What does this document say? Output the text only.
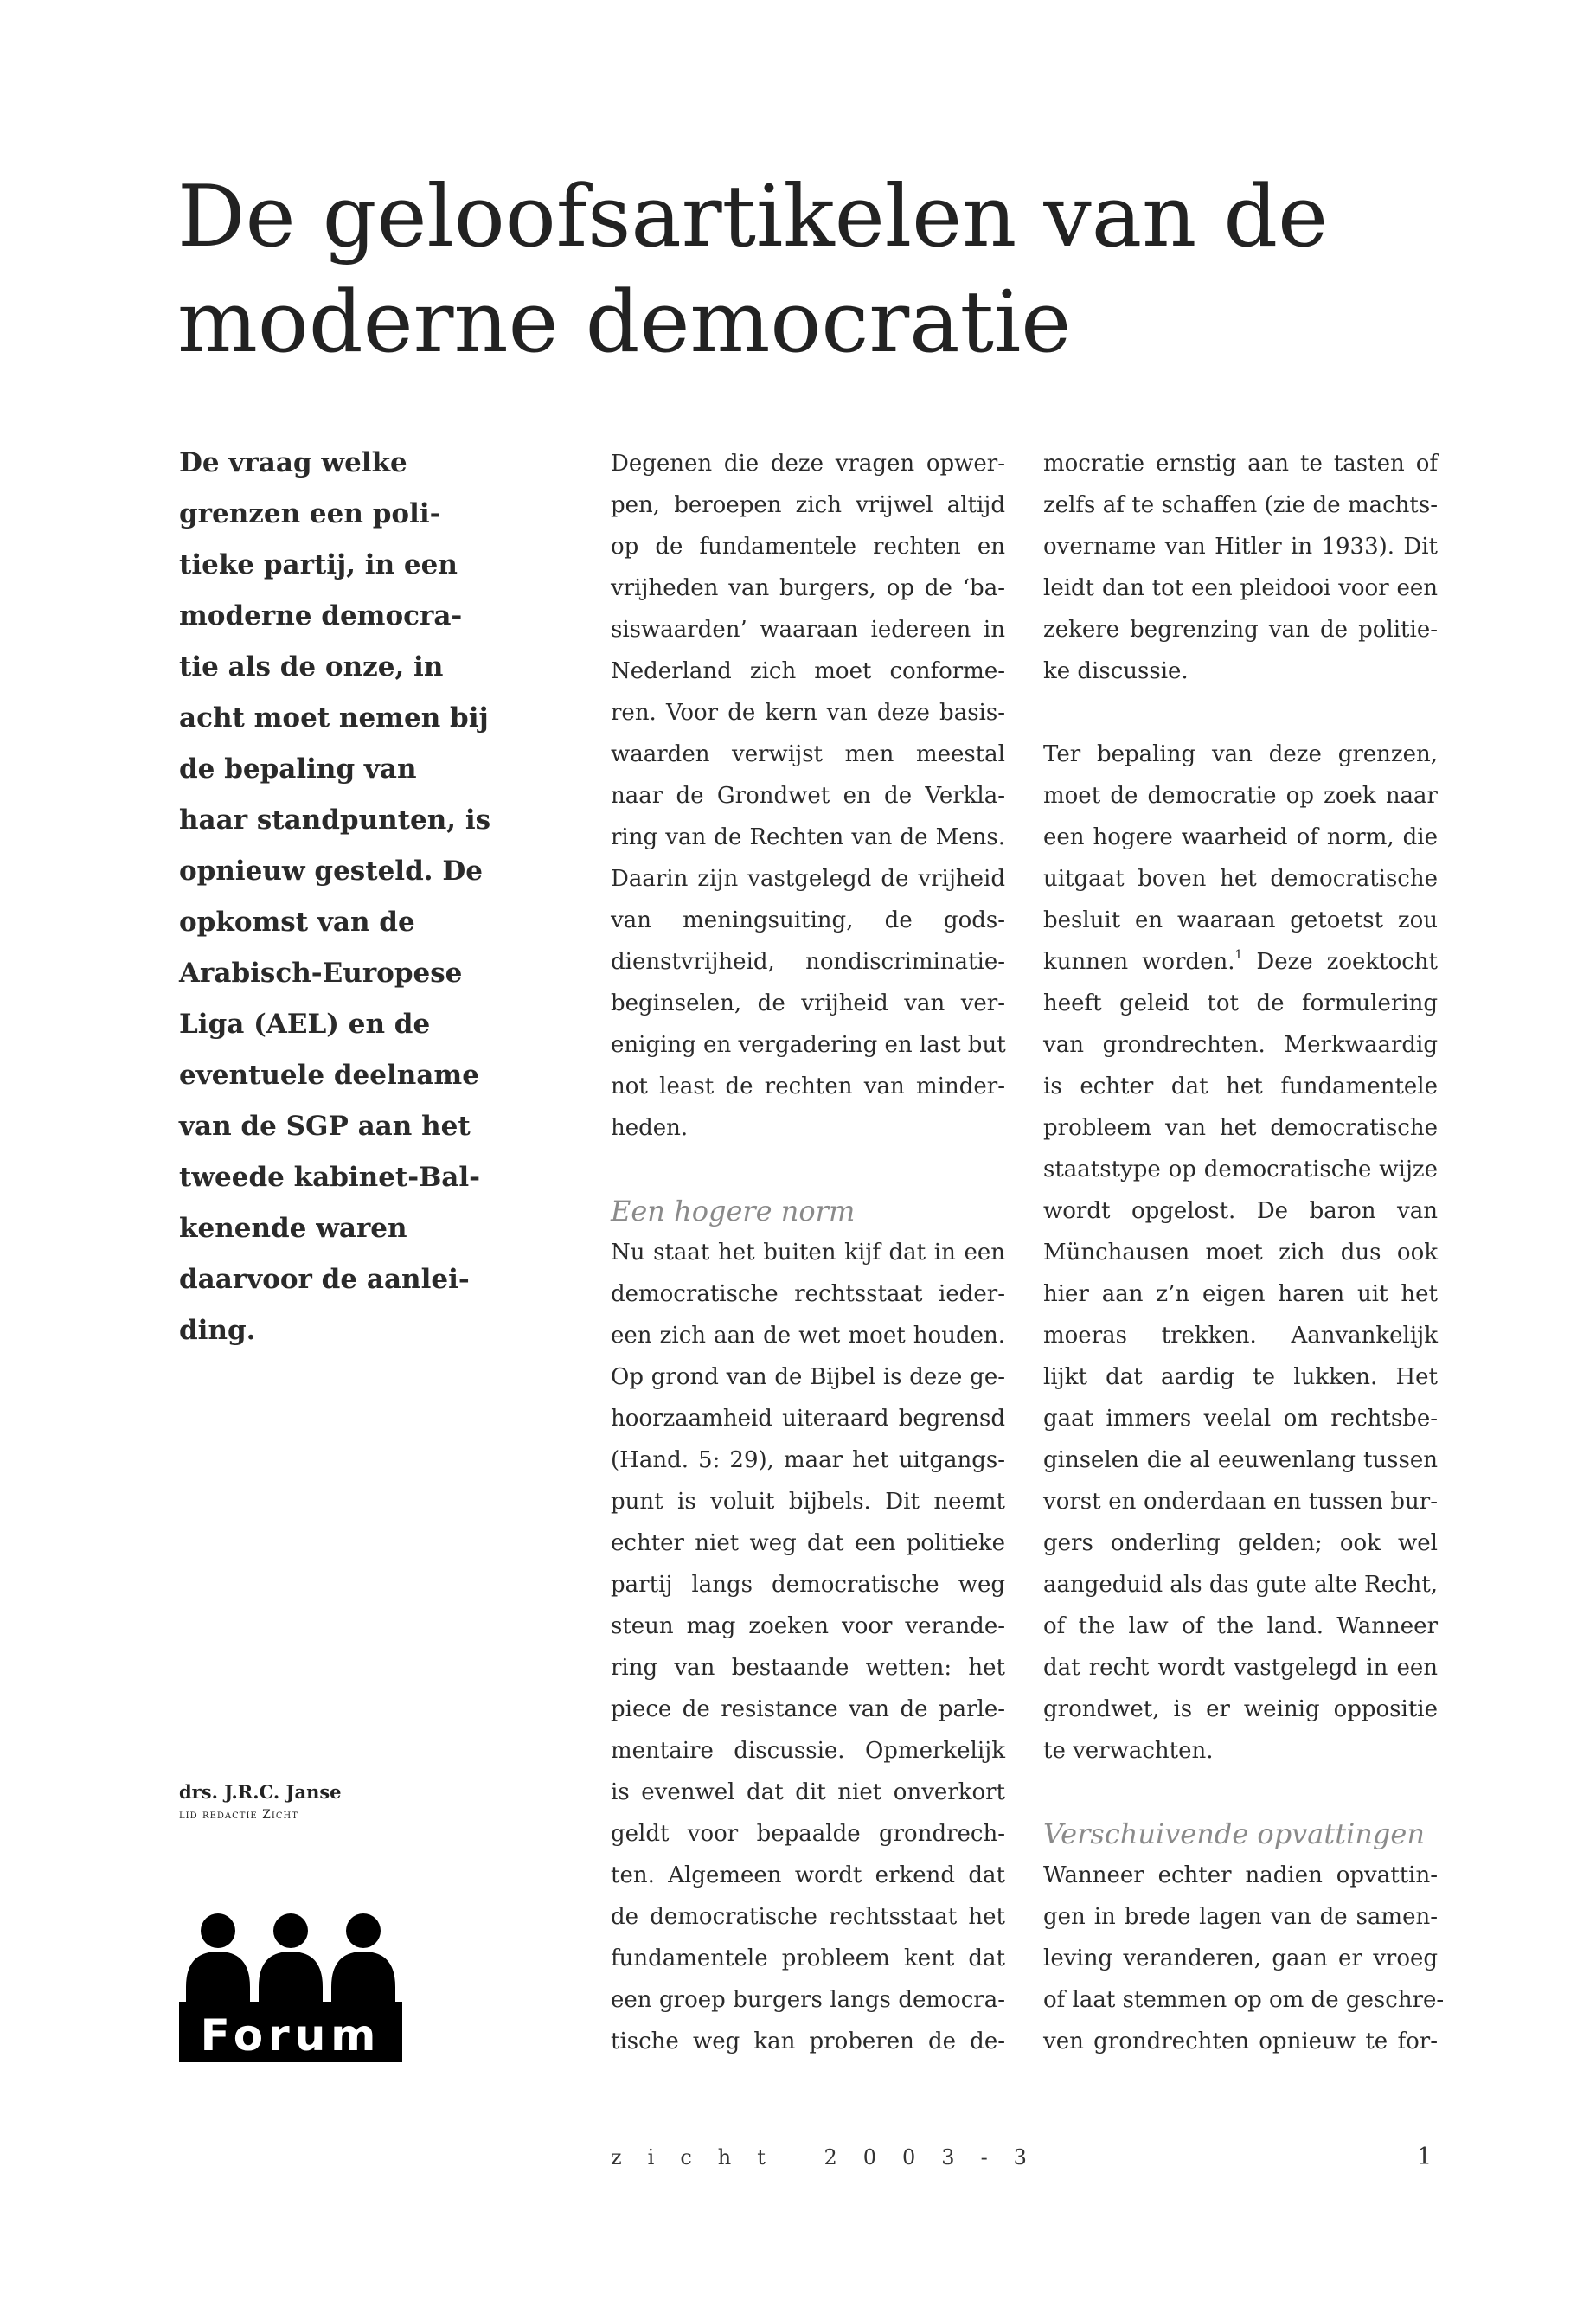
De geloofsartikelen van de
moderne democratie
De vraag welke
grenzen een poli-
tieke partij, in een
moderne democra-
tie als de onze, in
acht moet nemen bij
de bepaling van
haar standpunten, is
opnieuw gesteld. De
opkomst van de
Arabisch-Europese
Liga (AEL) en de
eventuele deelname
van de SGP aan het
tweede kabinet-Bal-
kenende waren
daarvoor de aanlei-
ding.
drs. J.R.C. Janse
lid redactie Zicht
Forum

Degenen die deze vragen opwer-
pen, beroepen zich vrijwel altijd
op de fundamentele rechten en
vrijheden van burgers, op de ‘ba-
siswaarden’ waaraan iedereen in
Nederland zich moet conforme-
ren. Voor de kern van deze basis-
waarden verwijst men meestal
naar de Grondwet en de Verkla-
ring van de Rechten van de Mens.
Daarin zijn vastgelegd de vrijheid
van meningsuiting, de gods-
dienstvrijheid, nondiscriminatie-
beginselen, de vrijheid van ver-
eniging en vergadering en last but
not least de rechten van minder-
heden.

Een hogere norm

Nu staat het buiten kijf dat in een
democratische rechtsstaat ieder-
een zich aan de wet moet houden.
Op grond van de Bijbel is deze ge-
hoorzaamheid uiteraard begrensd
(Hand. 5: 29), maar het uitgangs-
punt is voluit bijbels. Dit neemt
echter niet weg dat een politieke
partij langs democratische weg
steun mag zoeken voor verande-
ring van bestaande wetten: het
piece de resistance van de parle-
mentaire discussie. Opmerkelijk
is evenwel dat dit niet onverkort
geldt voor bepaalde grondrech-
ten. Algemeen wordt erkend dat
de democratische rechtsstaat het
fundamentele probleem kent dat
een groep burgers langs democra-
tische weg kan proberen de de-

mocratie ernstig aan te tasten of
zelfs af te schaffen (zie de machts-
overname van Hitler in 1933). Dit
leidt dan tot een pleidooi voor een
zekere begrenzing van de politie-
ke discussie.

Ter bepaling van deze grenzen,
moet de democratie op zoek naar
een hogere waarheid of norm, die
uitgaat boven het democratische
besluit en waaraan getoetst zou
kunnen worden.$^1$ Deze zoektocht
heeft geleid tot de formulering
van grondrechten. Merkwaardig
is echter dat het fundamentele
probleem van het democratische
staatstype op democratische wijze
wordt opgelost. De baron van
Münchausen moet zich dus ook
hier aan z’n eigen haren uit het
moeras trekken. Aanvankelijk
lijkt dat aardig te lukken. Het
gaat immers veelal om rechtsbe-
ginselen die al eeuwenlang tussen
vorst en onderdaan en tussen bur-
gers onderling gelden; ook wel
aangeduid als das gute alte Recht,
of the law of the land. Wanneer
dat recht wordt vastgelegd in een
grondwet, is er weinig oppositie
te verwachten.

Verschuivende opvattingen

Wanneer echter nadien opvattin-
gen in brede lagen van de samen-
leving veranderen, gaan er vroeg
of laat stemmen op om de geschre-
ven grondrechten opnieuw te for-

zicht 2003-3	1
